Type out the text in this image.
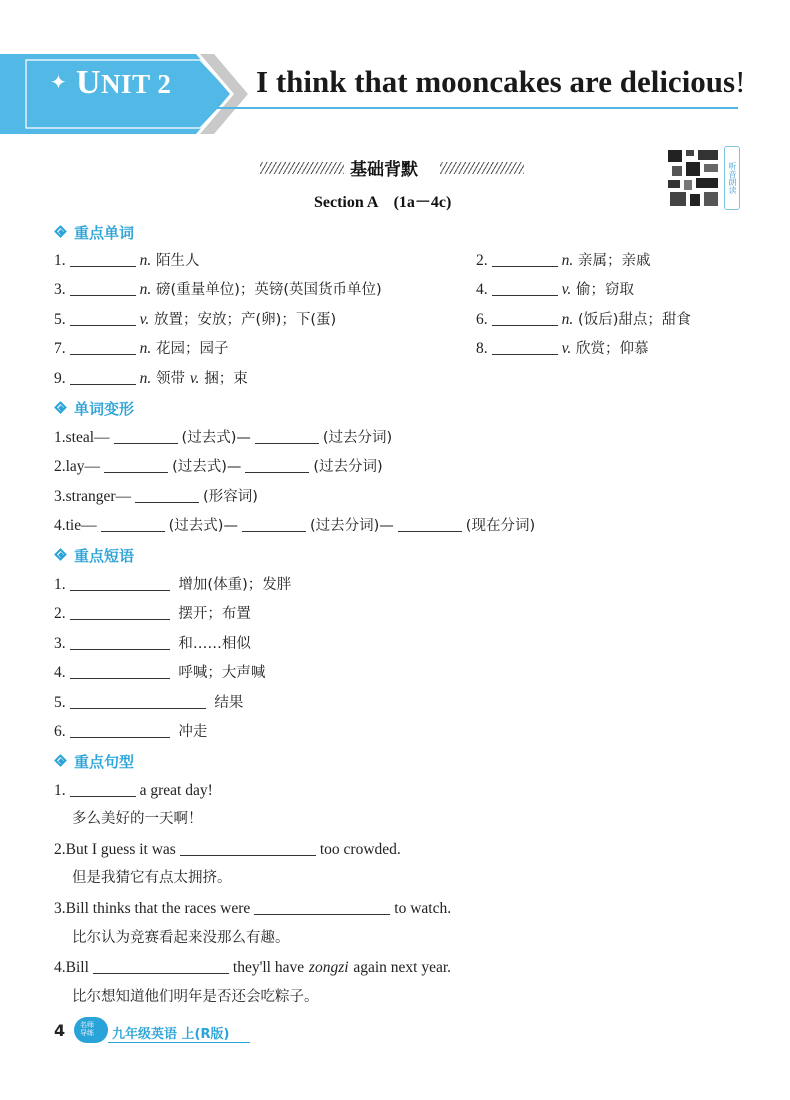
✦ UNIT 2	I think that mooncakes are delicious!
基础背默
Section A　(1a－4c)
听音朗读
重点单词
1.	n. 陌生人	2.	n. 亲属；亲戚
3.	n. 磅(重量单位)；英镑(英国货币单位)	4.	v. 偷；窃取
5.	v. 放置；安放；产(卵)；下(蛋)	6.	n. (饭后)甜点；甜食
7.	n. 花园；园子	8.	v. 欣赏；仰慕
9.	n. 领带 v. 捆；束
单词变形
1.steal—	(过去式)—	(过去分词)
2.lay—	(过去式)—	(过去分词)
3.stranger—	(形容词)
4.tie—	(过去式)—	(过去分词)—	(现在分词)
重点短语
1.	增加(体重)；发胖
2.	摆开；布置
3.	和……相似
4.	呼喊；大声喊
5.	结果
6.	冲走
重点句型
1.	a great day!
多么美好的一天啊！
2.But I guess it was	too crowded.
但是我猜它有点太拥挤。
3.Bill thinks that the races were	to watch.
比尔认为竞赛看起来没那么有趣。
4.Bill	they'll have zongzi again next year.
比尔想知道他们明年是否还会吃粽子。
4 名师
导练 九年级英语 上(R版)
